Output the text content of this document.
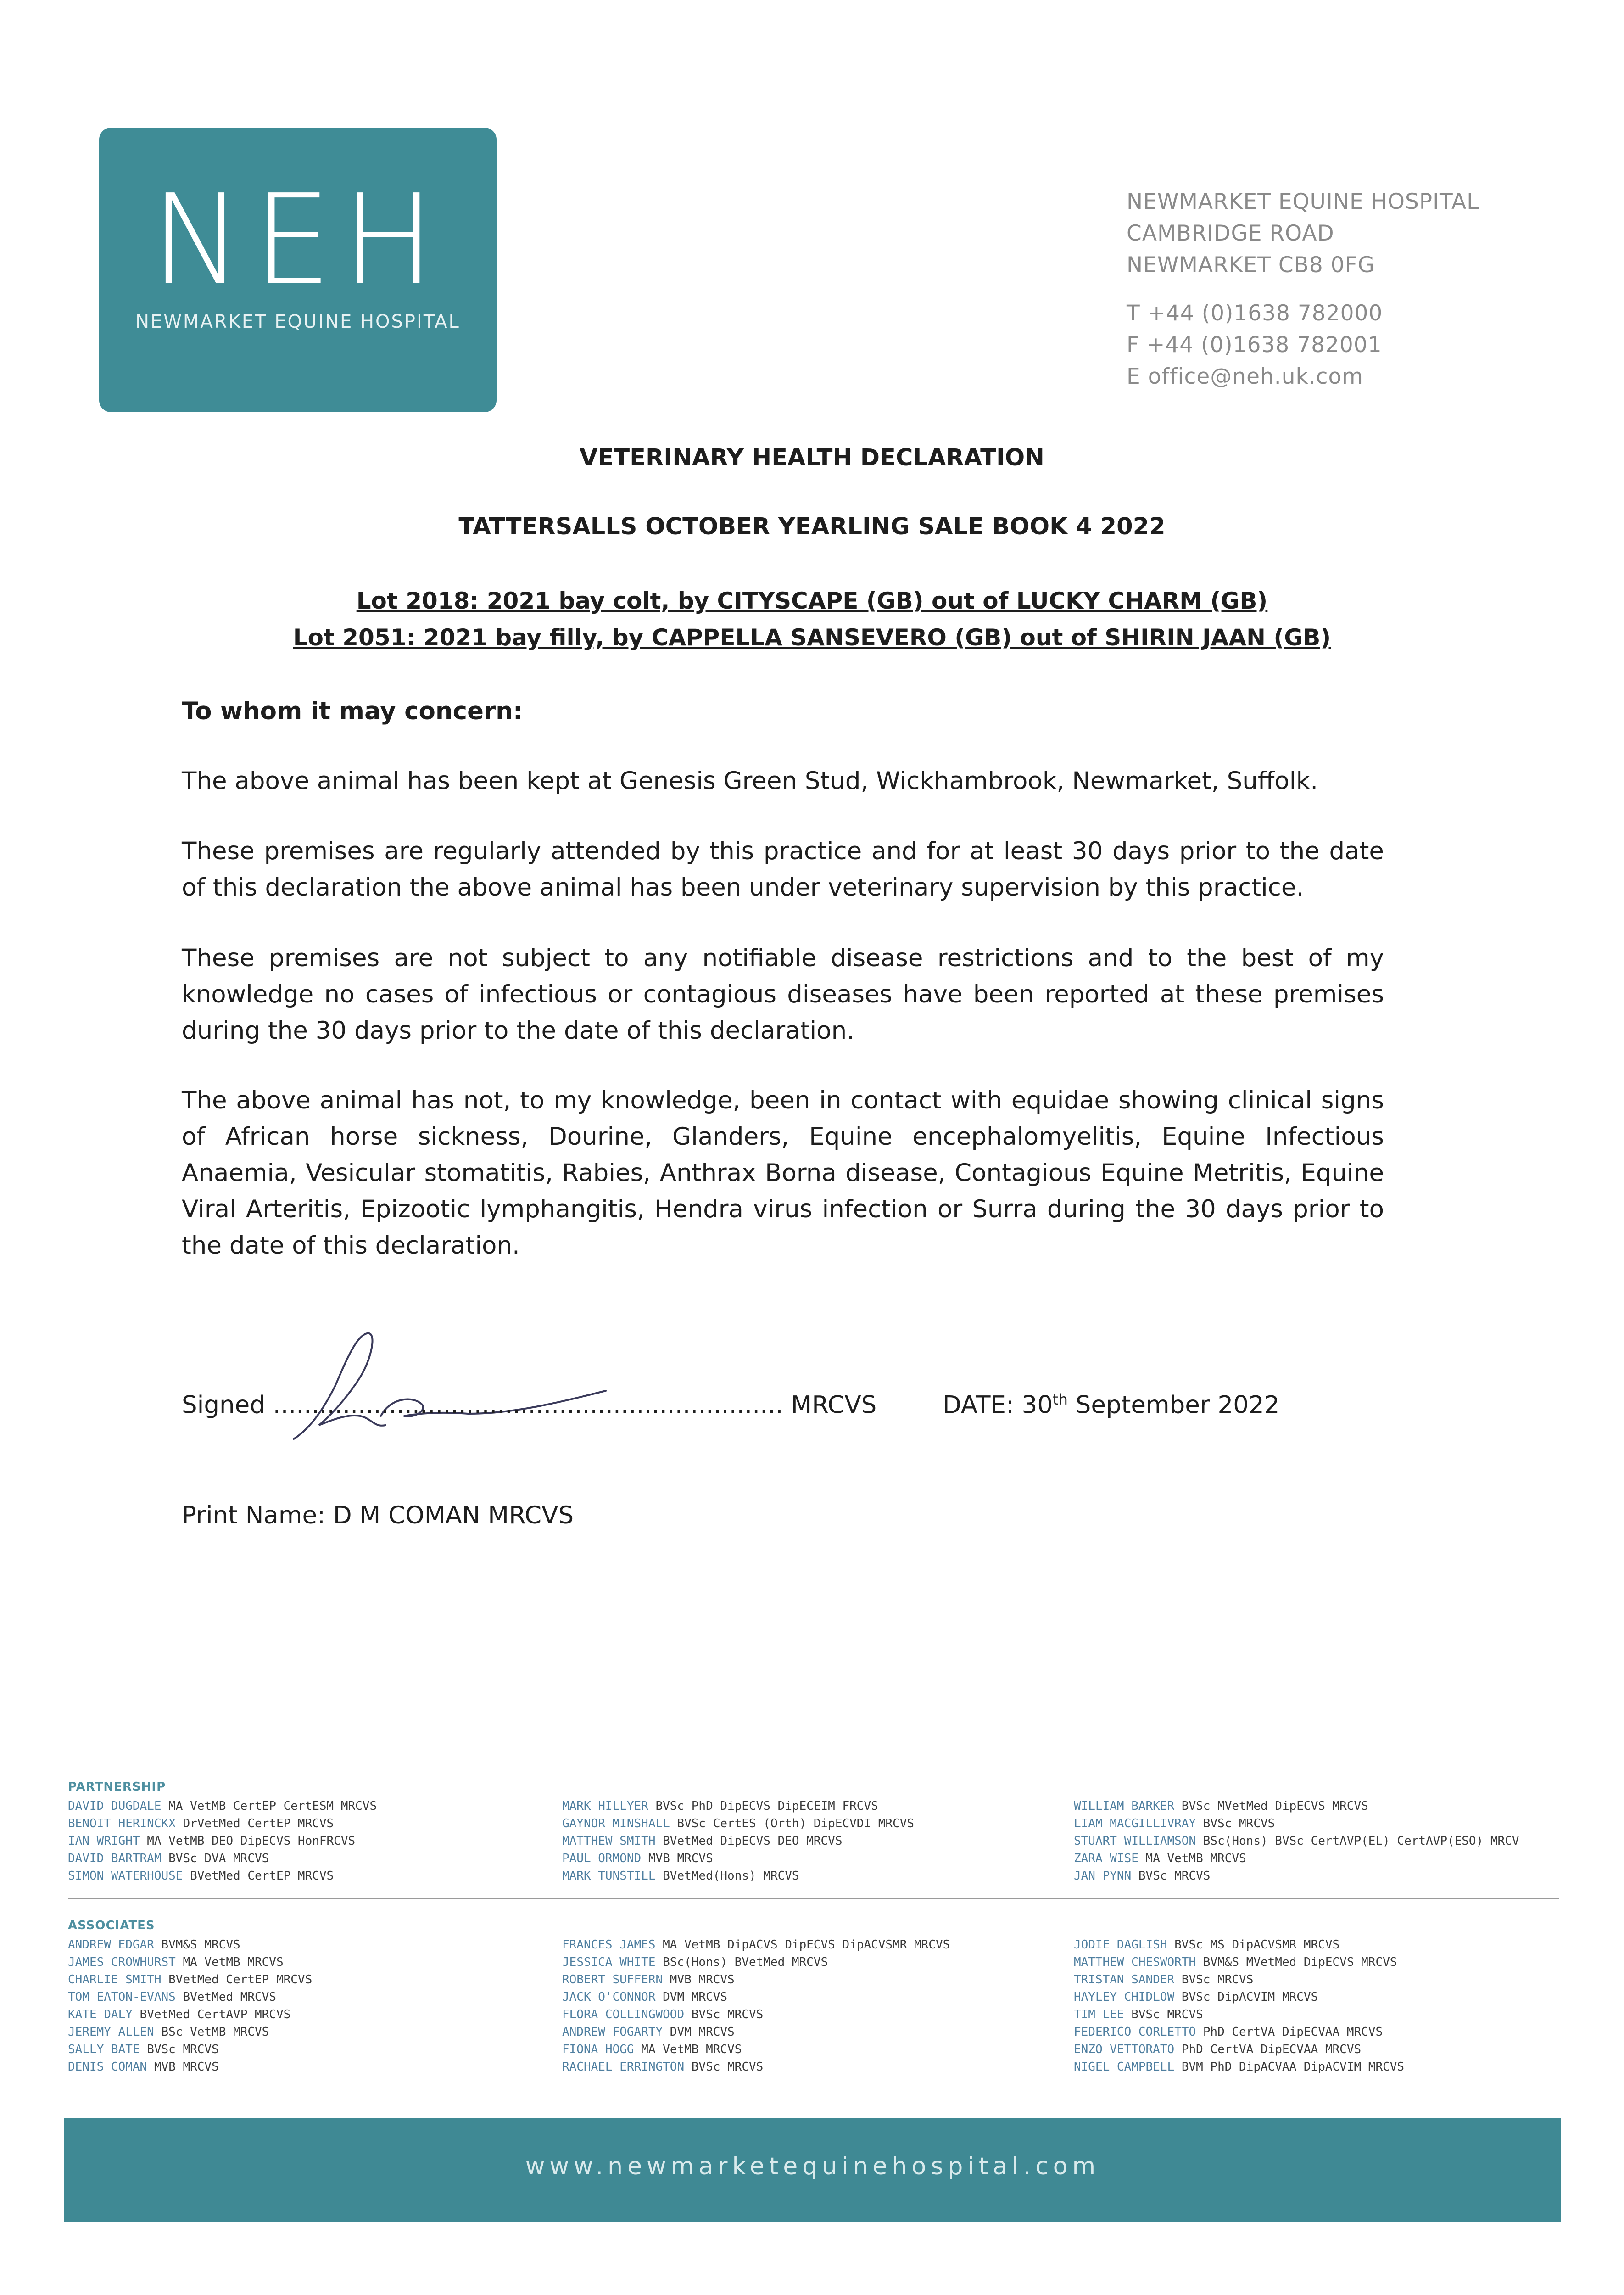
NEH
NEWMARKET EQUINE HOSPITAL
NEWMARKET EQUINE HOSPITAL
CAMBRIDGE ROAD
NEWMARKET CB8 0FG
T +44 (0)1638 782000
F +44 (0)1638 782001
E office@neh.uk.com
VETERINARY HEALTH DECLARATION
TATTERSALLS OCTOBER YEARLING SALE BOOK 4 2022
Lot 2018: 2021 bay colt, by CITYSCAPE (GB) out of LUCKY CHARM (GB)
Lot 2051: 2021 bay filly, by CAPPELLA SANSEVERO (GB) out of SHIRIN JAAN (GB)
To whom it may concern:
The above animal has been kept at Genesis Green Stud, Wickhambrook, Newmarket, Suffolk.
These premises are regularly attended by this practice and for at least 30 days prior to the date of this declaration the above animal has been under veterinary supervision by this practice.
These premises are not subject to any notifiable disease restrictions and to the best of my knowledge no cases of infectious or contagious diseases have been reported at these premises during the 30 days prior to the date of this declaration.
The above animal has not, to my knowledge, been in contact with equidae showing clinical signs of African horse sickness, Dourine, Glanders, Equine encephalomyelitis, Equine Infectious Anaemia, Vesicular stomatitis, Rabies, Anthrax Borna disease, Contagious Equine Metritis, Equine Viral Arteritis, Epizootic lymphangitis, Hendra virus infection or Surra during the 30 days prior to the date of this declaration.
Signed .................................................................. MRCVS	DATE: 30th September 2022
Print Name: D M COMAN MRCVS
PARTNERSHIP
DAVID DUGDALE MA VetMB CertEP CertESM MRCVS
BENOIT HERINCKX DrVetMed CertEP MRCVS
IAN WRIGHT MA VetMB DEO DipECVS HonFRCVS
DAVID BARTRAM BVSc DVA MRCVS
SIMON WATERHOUSE BVetMed CertEP MRCVS
MARK HILLYER BVSc PhD DipECVS DipECEIM FRCVS
GAYNOR MINSHALL BVSc CertES (Orth) DipECVDI MRCVS
MATTHEW SMITH BVetMed DipECVS DEO MRCVS
PAUL ORMOND MVB MRCVS
MARK TUNSTILL BVetMed(Hons) MRCVS
WILLIAM BARKER BVSc MVetMed DipECVS MRCVS
LIAM MACGILLIVRAY BVSc MRCVS
STUART WILLIAMSON BSc(Hons) BVSc CertAVP(EL) CertAVP(ESO) MRCV
ZARA WISE MA VetMB MRCVS
JAN PYNN BVSc MRCVS
ASSOCIATES
ANDREW EDGAR BVM&S MRCVS
JAMES CROWHURST MA VetMB MRCVS
CHARLIE SMITH BVetMed CertEP MRCVS
TOM EATON-EVANS BVetMed MRCVS
KATE DALY BVetMed CertAVP MRCVS
JEREMY ALLEN BSc VetMB MRCVS
SALLY BATE BVSc MRCVS
DENIS COMAN MVB MRCVS
FRANCES JAMES MA VetMB DipACVS DipECVS DipACVSMR MRCVS
JESSICA WHITE BSc(Hons) BVetMed MRCVS
ROBERT SUFFERN MVB MRCVS
JACK O'CONNOR DVM MRCVS
FLORA COLLINGWOOD BVSc MRCVS
ANDREW FOGARTY DVM MRCVS
FIONA HOGG MA VetMB MRCVS
RACHAEL ERRINGTON BVSc MRCVS
JODIE DAGLISH BVSc MS DipACVSMR MRCVS
MATTHEW CHESWORTH BVM&S MVetMed DipECVS MRCVS
TRISTAN SANDER BVSc MRCVS
HAYLEY CHIDLOW BVSc DipACVIM MRCVS
TIM LEE BVSc MRCVS
FEDERICO CORLETTO PhD CertVA DipECVAA MRCVS
ENZO VETTORATO PhD CertVA DipECVAA MRCVS
NIGEL CAMPBELL BVM PhD DipACVAA DipACVIM MRCVS
www.newmarketequinehospital.com
